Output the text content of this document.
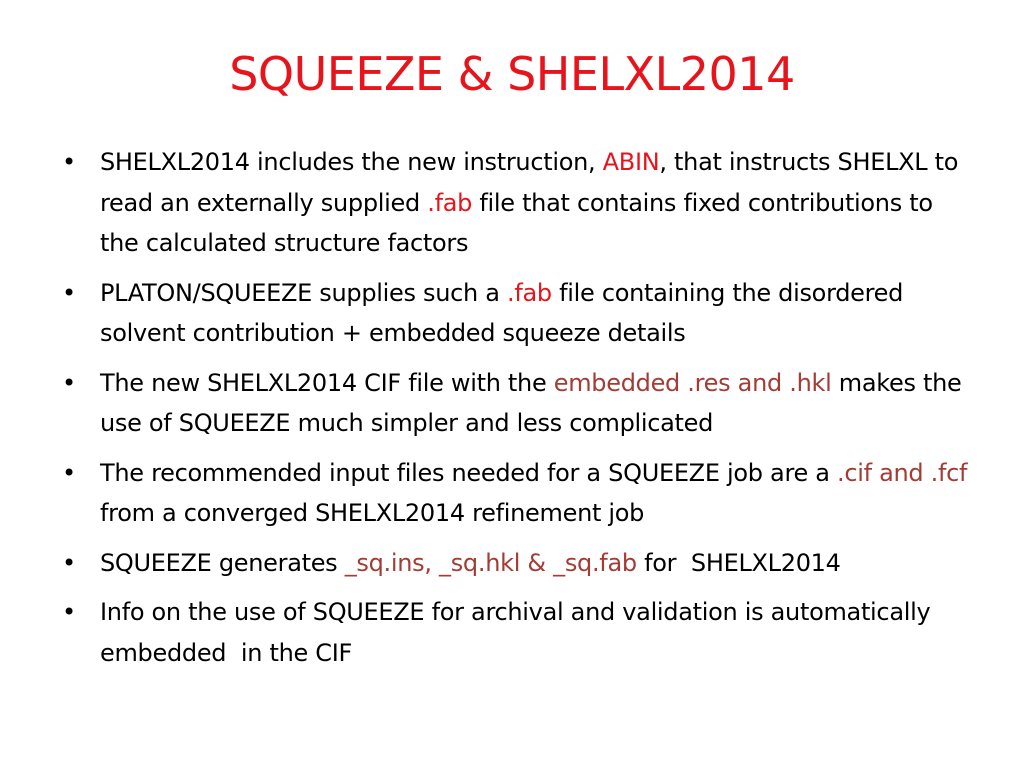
SQUEEZE & SHELXL2014
• SHELXL2014 includes the new instruction, ABIN, that instructs SHELXL to read an externally supplied .fab file that contains fixed contributions to the calculated structure factors
• PLATON/SQUEEZE supplies such a .fab file containing the disordered solvent contribution + embedded squeeze details
• The new SHELXL2014 CIF file with the embedded .res and .hkl makes the use of SQUEEZE much simpler and less complicated
• The recommended input files needed for a SQUEEZE job are a .cif and .fcf from a converged SHELXL2014 refinement job
• SQUEEZE generates _sq.ins, _sq.hkl & _sq.fab for  SHELXL2014
• Info on the use of SQUEEZE for archival and validation is automatically embedded  in the CIF
